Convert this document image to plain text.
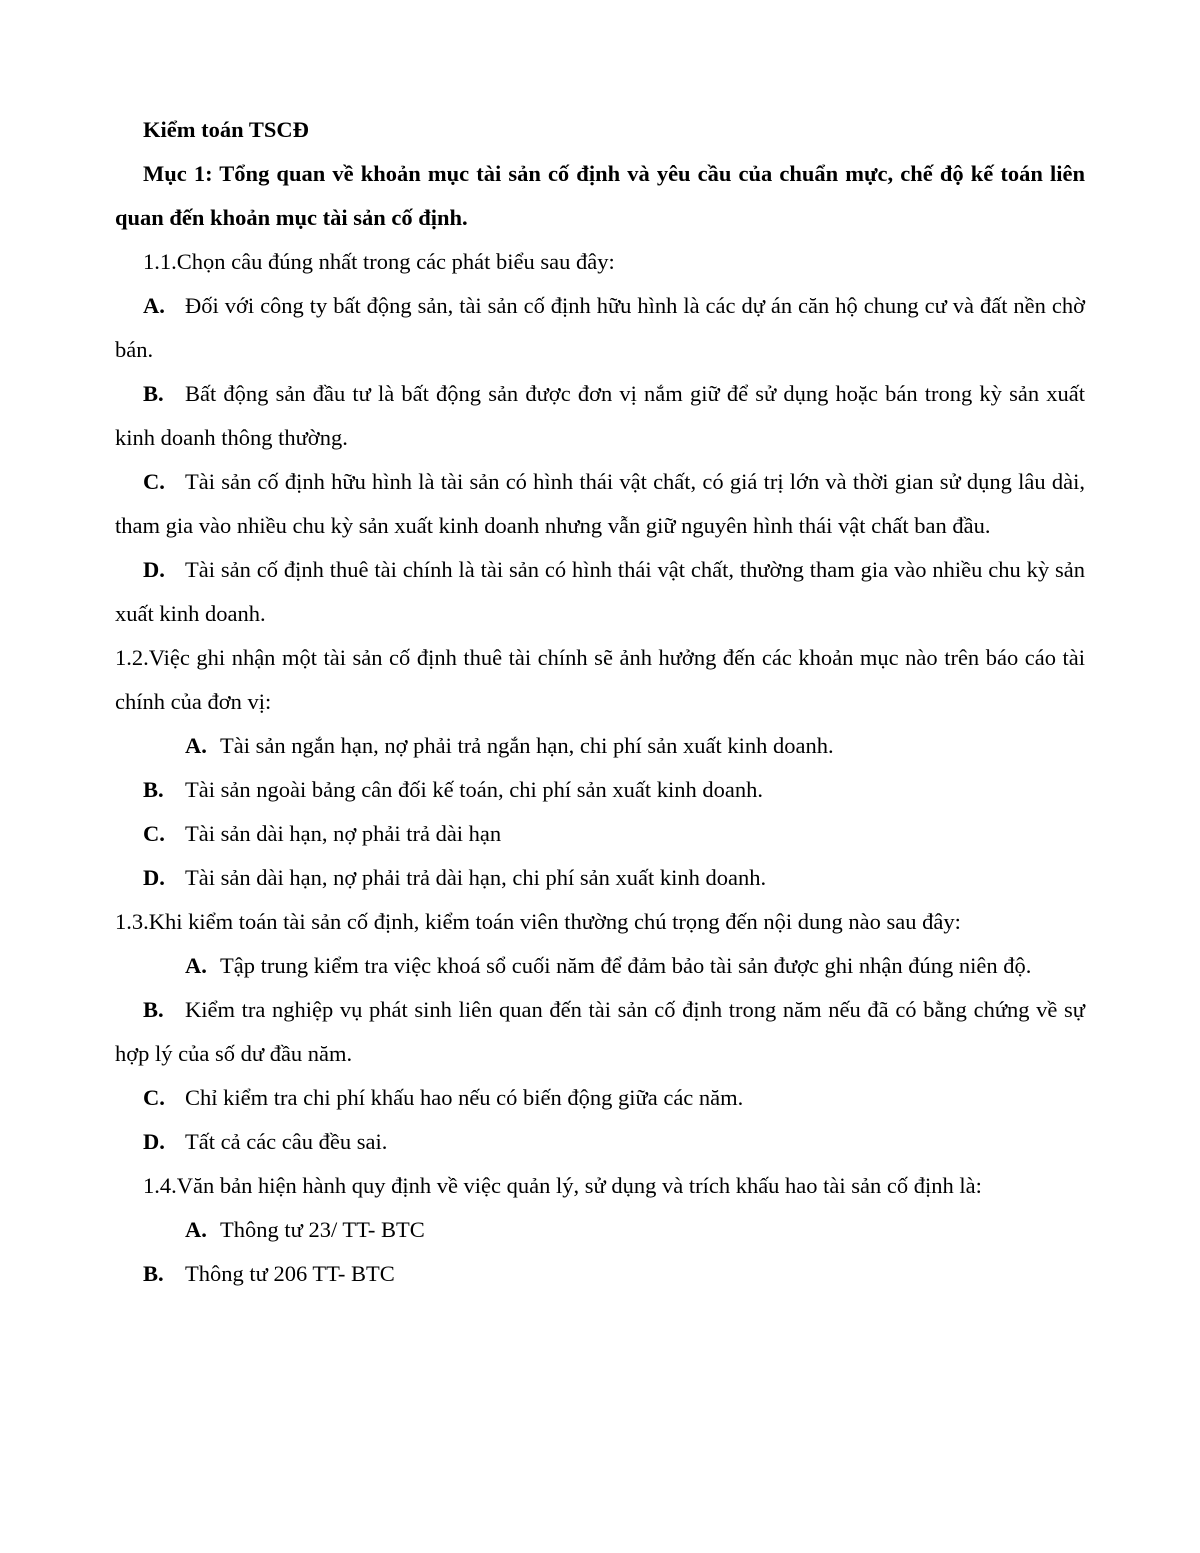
Kiểm toán TSCĐ

Mục 1: Tổng quan về khoản mục tài sản cố định và yêu cầu của chuẩn mực, chế độ kế toán liên quan đến khoản mục tài sản cố định.

1.1.Chọn câu đúng nhất trong các phát biểu sau đây:

A. Đối với công ty bất động sản, tài sản cố định hữu hình là các dự án căn hộ chung cư và đất nền chờ bán.

B. Bất động sản đầu tư là bất động sản được đơn vị nắm giữ để sử dụng hoặc bán trong kỳ sản xuất kinh doanh thông thường.

C. Tài sản cố định hữu hình là tài sản có hình thái vật chất, có giá trị lớn và thời gian sử dụng lâu dài, tham gia vào nhiều chu kỳ sản xuất kinh doanh nhưng vẫn giữ nguyên hình thái vật chất ban đầu.

D. Tài sản cố định thuê tài chính là tài sản có hình thái vật chất, thường tham gia vào nhiều chu kỳ sản xuất kinh doanh.

1.2.Việc ghi nhận một tài sản cố định thuê tài chính sẽ ảnh hưởng đến các khoản mục nào trên báo cáo tài chính của đơn vị:

A. Tài sản ngắn hạn, nợ phải trả ngắn hạn, chi phí sản xuất kinh doanh.

B. Tài sản ngoài bảng cân đối kế toán, chi phí sản xuất kinh doanh.

C. Tài sản dài hạn, nợ phải trả dài hạn

D. Tài sản dài hạn, nợ phải trả dài hạn, chi phí sản xuất kinh doanh.

1.3.Khi kiểm toán tài sản cố định, kiểm toán viên thường chú trọng đến nội dung nào sau đây:

A. Tập trung kiểm tra việc khoá sổ cuối năm để đảm bảo tài sản được ghi nhận đúng niên độ.

B. Kiểm tra nghiệp vụ phát sinh liên quan đến tài sản cố định trong năm nếu đã có bằng chứng về sự hợp lý của số dư đầu năm.

C. Chỉ kiểm tra chi phí khấu hao nếu có biến động giữa các năm.

D. Tất cả các câu đều sai.

1.4.Văn bản hiện hành quy định về việc quản lý, sử dụng và trích khấu hao tài sản cố định là:

A. Thông tư 23/ TT- BTC

B. Thông tư 206 TT- BTC
